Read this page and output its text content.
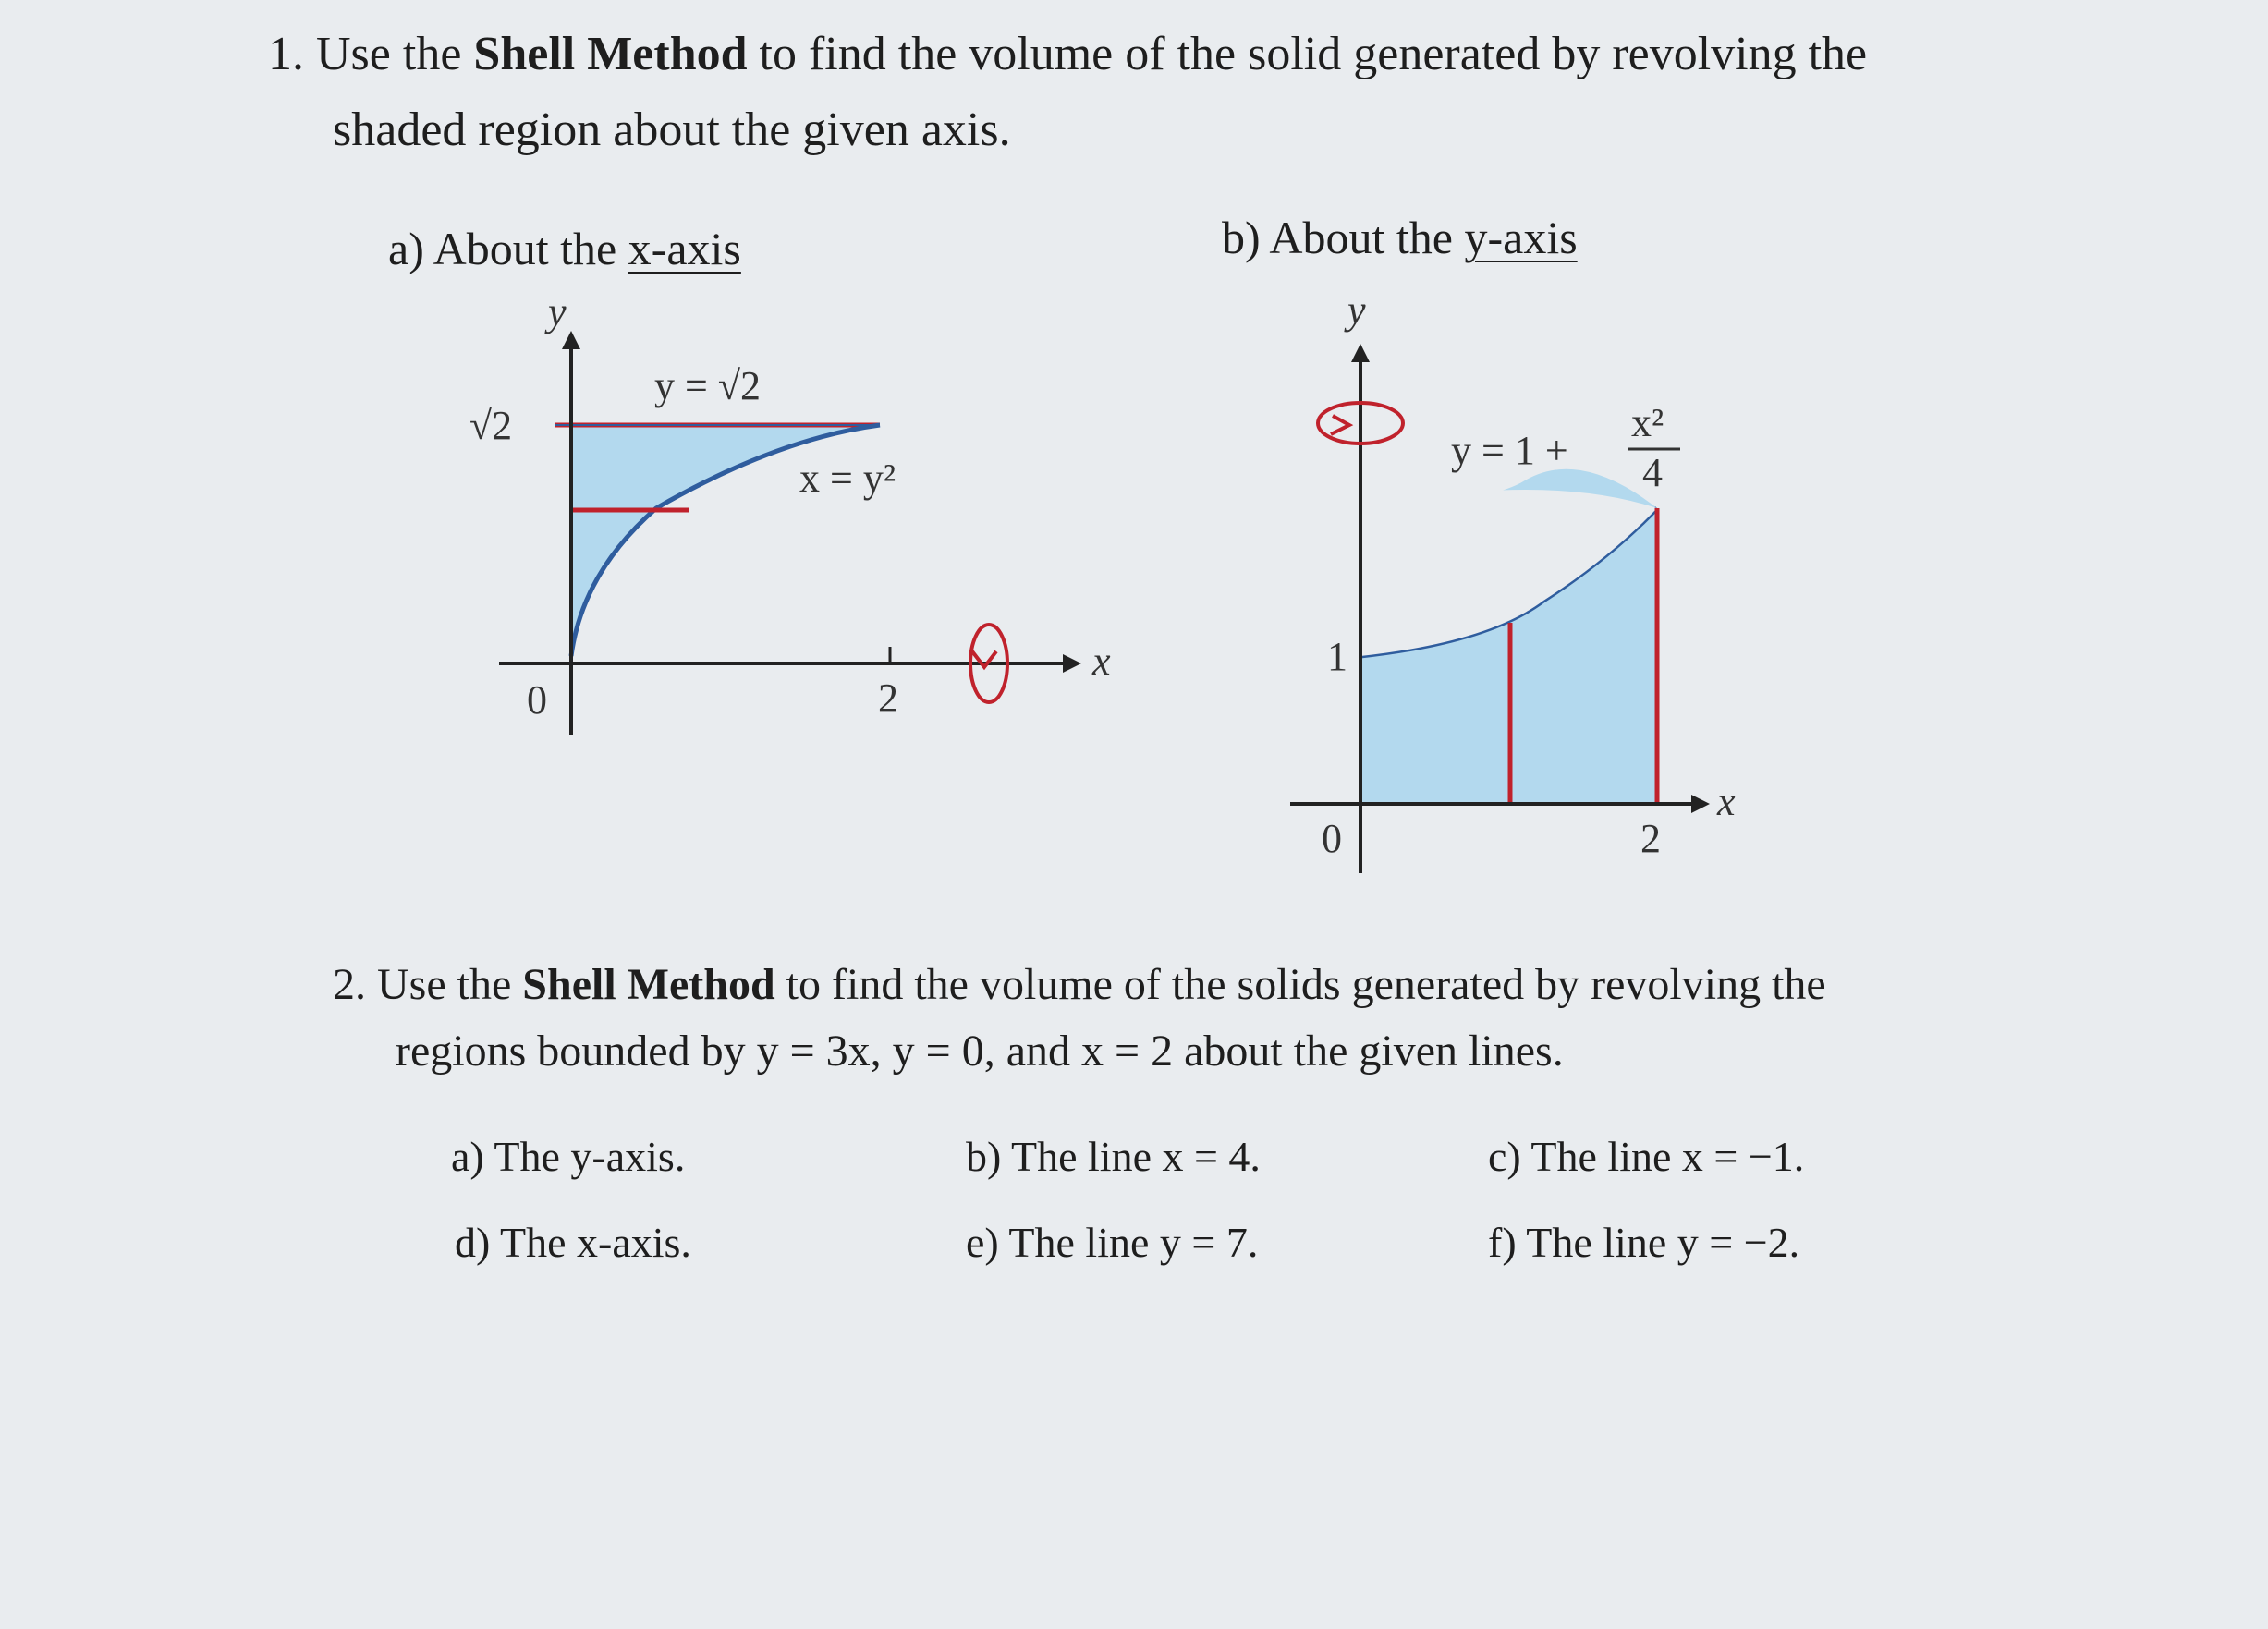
1. Use the Shell Method to find the volume of the solid generated by revolving the
shaded region about the given axis.
a) About the x-axis	b) About the y-axis
y
x
y = √2
x = y²
√2
0	2
y
x
y = 1 +
x²
4
1
0	2
2. Use the Shell Method to find the volume of the solids generated by revolving the
regions bounded by y = 3x, y = 0, and x = 2 about the given lines.
a) The y-axis.	b) The line x = 4.	c) The line x = −1.
d) The x-axis.	e) The line y = 7.	f) The line y = −2.
